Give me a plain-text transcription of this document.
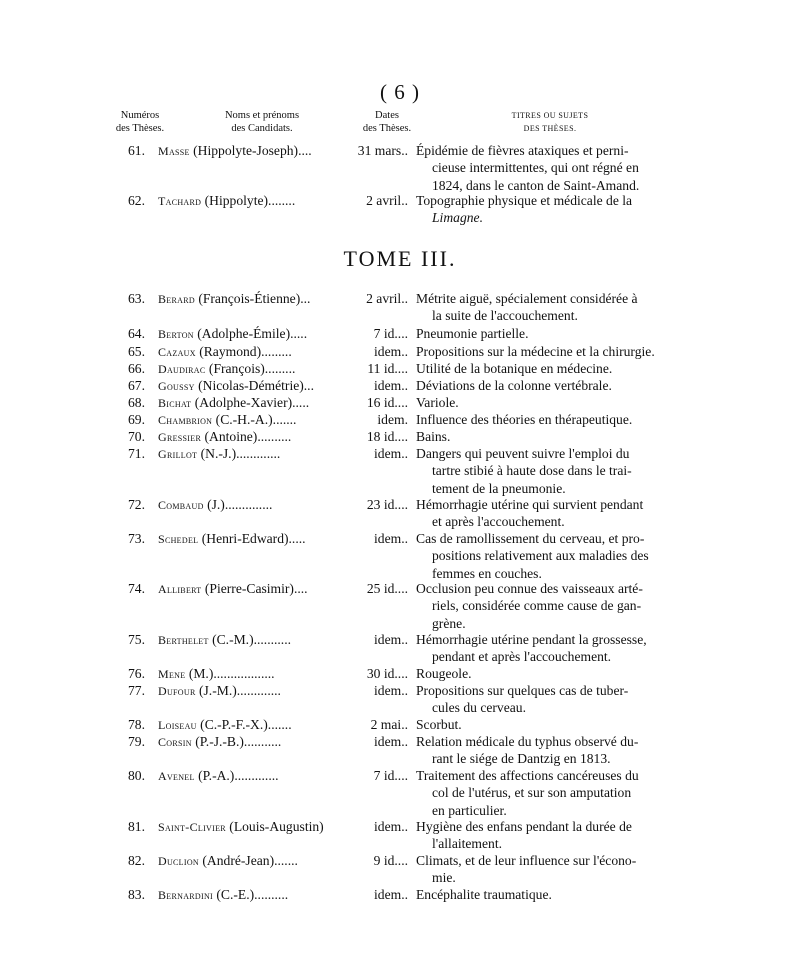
( 6 )
Numéros
des Thèses.
Noms et prénoms
des Candidats.
Dates
des Thèses.
TITRES OU SUJETS
DES THÈSES.
TOME III.
61.	Masse (Hippolyte-Joseph)....	31 mars.. Épidémie de fièvres ataxiques et perni-
cieuse intermittentes, qui ont régné en
1824, dans le canton de Saint-Amand.
62.	Tachard (Hippolyte)........	2 avril.. Topographie physique et médicale de la
Limagne.
63.	Berard (François-Étienne)...	2 avril.. Métrite aiguë, spécialement considérée à
la suite de l'accouchement.
64.	Berton (Adolphe-Émile).....	7 id.... Pneumonie partielle.
65.	Cazaux (Raymond).........	idem.. Propositions sur la médecine et la chirurgie.
66.	Daudirac (François).........	11 id.... Utilité de la botanique en médecine.
67.	Goussy (Nicolas-Démétrie)...	idem.. Déviations de la colonne vertébrale.
68.	Bichat (Adolphe-Xavier).....	16 id.... Variole.
69.	Chambrion (C.-H.-A.).......	idem. Influence des théories en thérapeutique.
70.	Gressier (Antoine)..........	18 id.... Bains.
71.	Grillot (N.-J.).............	idem.. Dangers qui peuvent suivre l'emploi du
tartre stibié à haute dose dans le trai-
tement de la pneumonie.
72.	Combaud (J.)..............	23 id.... Hémorrhagie utérine qui survient pendant
et après l'accouchement.
73.	Schedel (Henri-Edward).....	idem.. Cas de ramollissement du cerveau, et pro-
positions relativement aux maladies des
femmes en couches.
74.	Allibert (Pierre-Casimir)....	25 id.... Occlusion peu connue des vaisseaux arté-
riels, considérée comme cause de gan-
grène.
75.	Berthelet (C.-M.)...........	idem.. Hémorrhagie utérine pendant la grossesse,
pendant et après l'accouchement.
76.	Mene (M.)..................	30 id.... Rougeole.
77.	Dufour (J.-M.).............	idem.. Propositions sur quelques cas de tuber-
cules du cerveau.
78.	Loiseau (C.-P.-F.-X.).......	2 mai.. Scorbut.
79.	Corsin (P.-J.-B.)...........	idem.. Relation médicale du typhus observé du-
rant le siége de Dantzig en 1813.
80.	Avenel (P.-A.).............	7 id.... Traitement des affections cancéreuses du
col de l'utérus, et sur son amputation
en particulier.
81.	Saint-Clivier (Louis-Augustin)	idem.. Hygiène des enfans pendant la durée de
l'allaitement.
82.	Duclion (André-Jean).......	9 id.... Climats, et de leur influence sur l'écono-
mie.
83.	Bernardini (C.-E.)..........	idem.. Encéphalite traumatique.
